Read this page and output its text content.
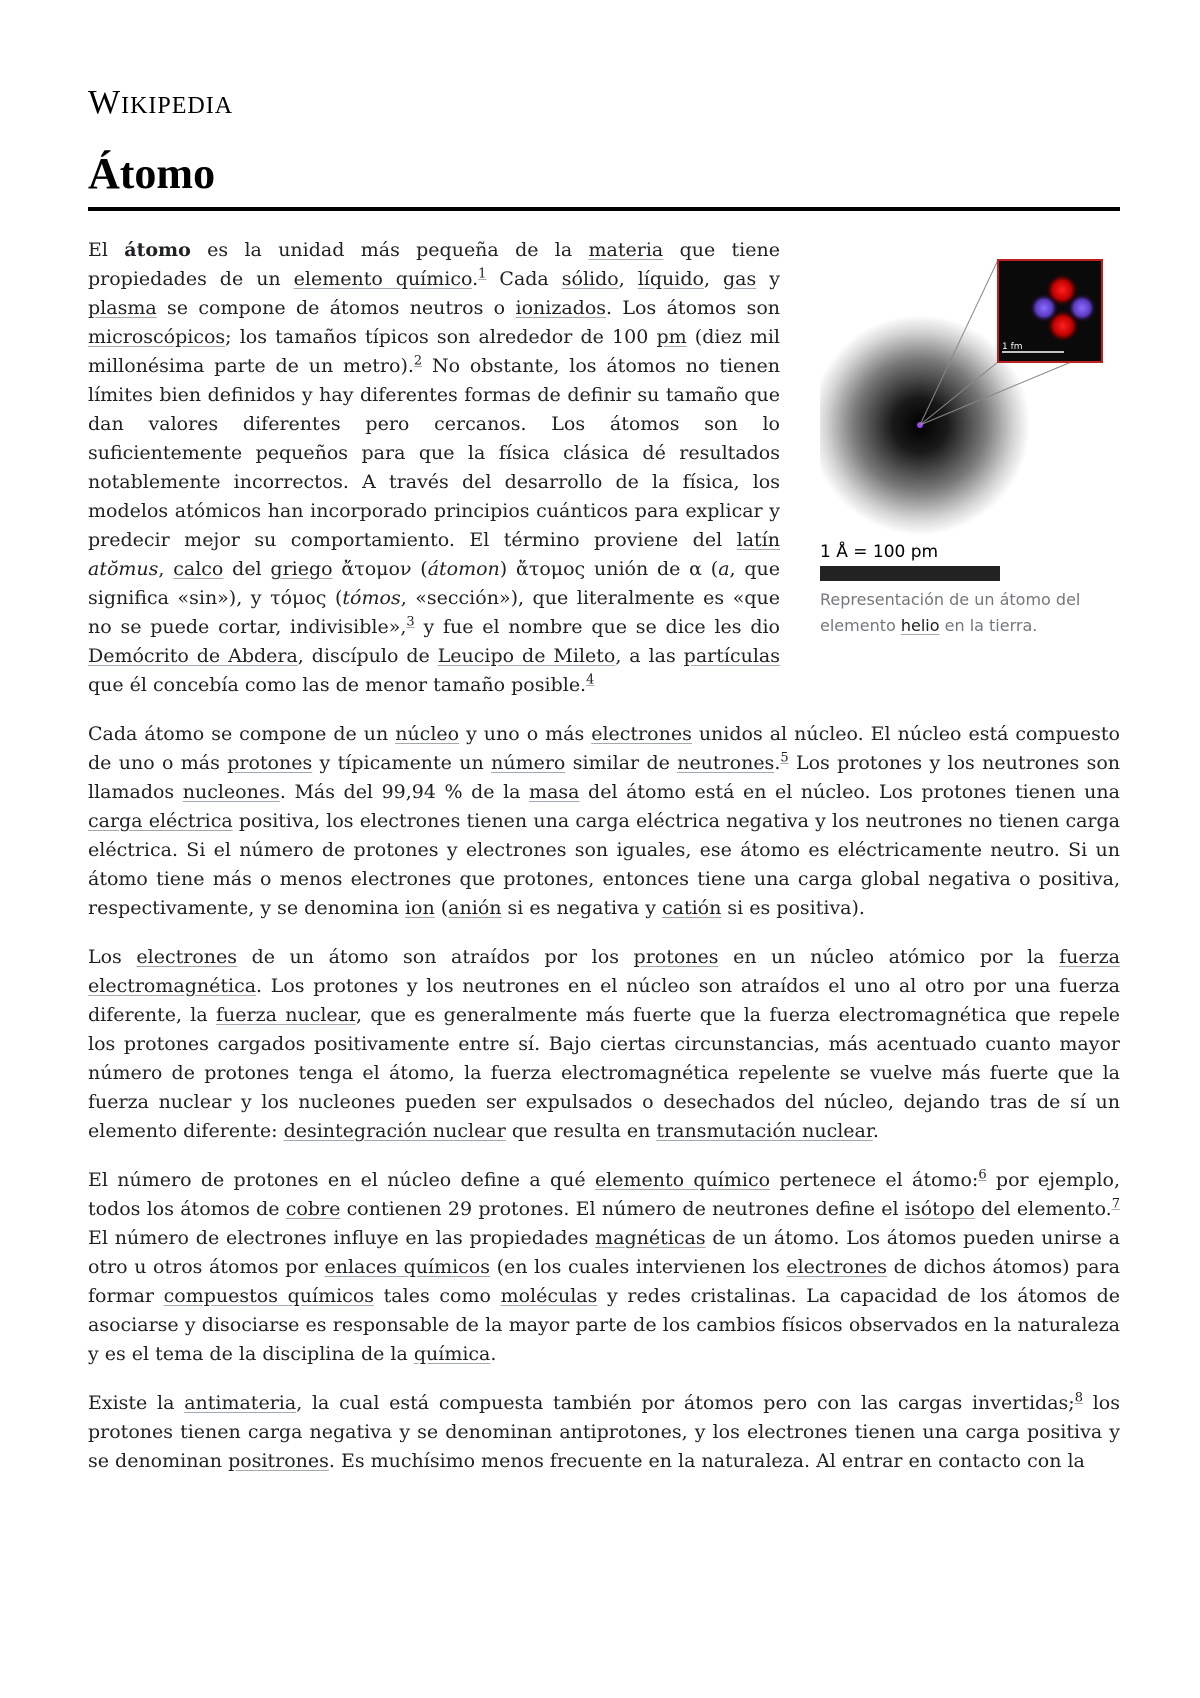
Wikipedia
Átomo
1 fm
1 Å = 100 pm
Representación de un átomo del elemento helio en la tierra.

El átomo es la unidad más pequeña de la materia que tiene propiedades de un elemento químico.$^1$ Cada sólido, líquido, gas y plasma se compone de átomos neutros o ionizados. Los átomos son microscópicos; los tamaños típicos son alrededor de 100 pm (diez mil millonésima parte de un metro).$^2$ No obstante, los átomos no tienen límites bien definidos y hay diferentes formas de definir su tamaño que dan valores diferentes pero cercanos. Los átomos son lo suficientemente pequeños para que la física clásica dé resultados notablemente incorrectos. A través del desarrollo de la física, los modelos atómicos han incorporado principios cuánticos para explicar y predecir mejor su comportamiento. El término proviene del latín atŏmus, calco del griego ἄτομον (átomon) ἄτομος unión de α (a, que significa «sin»), y τόμος (tómos, «sección»), que literalmente es «que no se puede cortar, indivisible»,$^3$ y fue el nombre que se dice les dio Demócrito de Abdera, discípulo de Leucipo de Mileto, a las partículas que él concebía como las de menor tamaño posible.$^4$

Cada átomo se compone de un núcleo y uno o más electrones unidos al núcleo. El núcleo está compuesto de uno o más protones y típicamente un número similar de neutrones.$^5$ Los protones y los neutrones son llamados nucleones. Más del 99,94 % de la masa del átomo está en el núcleo. Los protones tienen una carga eléctrica positiva, los electrones tienen una carga eléctrica negativa y los neutrones no tienen carga eléctrica. Si el número de protones y electrones son iguales, ese átomo es eléctricamente neutro. Si un átomo tiene más o menos electrones que protones, entonces tiene una carga global negativa o positiva, respectivamente, y se denomina ion (anión si es negativa y catión si es positiva).

Los electrones de un átomo son atraídos por los protones en un núcleo atómico por la fuerza electromagnética. Los protones y los neutrones en el núcleo son atraídos el uno al otro por una fuerza diferente, la fuerza nuclear, que es generalmente más fuerte que la fuerza electromagnética que repele los protones cargados positivamente entre sí. Bajo ciertas circunstancias, más acentuado cuanto mayor número de protones tenga el átomo, la fuerza electromagnética repelente se vuelve más fuerte que la fuerza nuclear y los nucleones pueden ser expulsados o desechados del núcleo, dejando tras de sí un elemento diferente: desintegración nuclear que resulta en transmutación nuclear.

El número de protones en el núcleo define a qué elemento químico pertenece el átomo:$^6$ por ejemplo, todos los átomos de cobre contienen 29 protones. El número de neutrones define el isótopo del elemento.$^7$ El número de electrones influye en las propiedades magnéticas de un átomo. Los átomos pueden unirse a otro u otros átomos por enlaces químicos (en los cuales intervienen los electrones de dichos átomos) para formar compuestos químicos tales como moléculas y redes cristalinas. La capacidad de los átomos de asociarse y disociarse es responsable de la mayor parte de los cambios físicos observados en la naturaleza y es el tema de la disciplina de la química.

Existe la antimateria, la cual está compuesta también por átomos pero con las cargas invertidas;$^8$ los protones tienen carga negativa y se denominan antiprotones, y los electrones tienen una carga positiva y se denominan positrones. Es muchísimo menos frecuente en la naturaleza. Al entrar en contacto con la
